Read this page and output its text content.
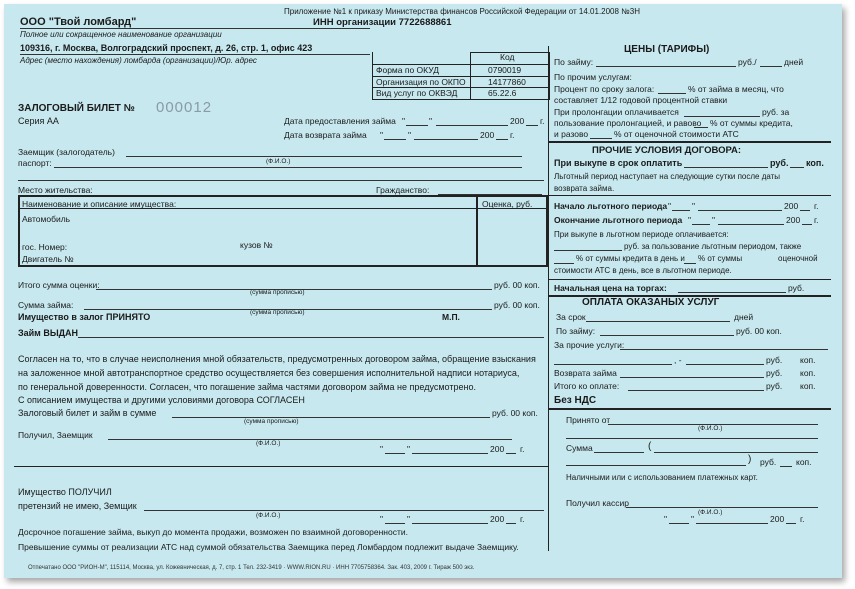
Приложение №1 к приказу Министерства финансов Российской Федерации от 14.01.2008 №3Н
ИНН организации 7722688861
ООО "Твой ломбард"
Полное или сокращенное наименование организации
109316, г. Москва, Волгоградский проспект, д. 26, стр. 1, офис 423
Адрес (место нахождения) ломбарда (организации)/Юр. адрес	Код
Форма по ОКУД	0790019
Организация по ОКПО	14177860
Вид услуг по ОКВЭД	65.22.6
ЗАЛОГОВЫЙ БИЛЕТ № 000012
Серия АА	Дата предоставления займа "	"	200 г.
Дата возврата займа "	"	200 г.
Заемщик (залогодатель)
паспорт:	(Ф.И.О.)
Место жительства:	Гражданство:
Наименование и описание имущества:	Оценка, руб.
Автомобиль
гос. Номер:	кузов №
Двигатель №
Итого сумма оценки:	руб. 00 коп.
(сумма прописью)
Сумма займа:	руб. 00 коп.
(сумма прописью)
Имущество в залог ПРИНЯТО	М.П.
Займ ВЫДАН
Согласен на то, что в случае неисполнения мной обязательств, предусмотренных договором займа, обращение взыскания
на заложенное мной автотранспортное средство осуществляется без совершения исполнительной надписи нотариуса,
по генеральной доверенности. Согласен, что погашение займа частями договором займа не предусмотрено.
С описанием имущества и другими условиями договора СОГЛАСЕН
Залоговый билет и займ в сумме	руб. 00 коп.
(сумма прописью)
Получил, Заемщик
(Ф.И.О.)
"	"	200 г.
Имущество ПОЛУЧИЛ
претензий не имею, Земщик
(Ф.И.О.)	"	"	200 г.
Досрочное погашение займа, выкуп до момента продажи, возможен по взаимной договоренности.
Превышение суммы от реализации АТС над суммой обязательства Заемщика перед Ломбардом подлежит выдаче Заемщику.
Отпечатано ООО "РИОН-М", 115114, Москва, ул. Кожевническая, д. 7, стр. 1 Тел. 232-3419 · WWW.RION.RU · ИНН 7705758364. Зак. 403, 2009 г. Тираж 500 экз.
ЦЕНЫ (ТАРИФЫ)
По займу:	руб./	дней
По прочим услугам:
Процент по сроку залога:	% от займа в месяц, что
составляет 1/12 годовой процентной ставки
При пролонгации оплачивается	руб. за
пользование пролонгацией, и равово % от суммы кредита,
и разово	% от оценочной стоимости АТС
ПРОЧИЕ УСЛОВИЯ ДОГОВОРА:
При выкупе в срок оплатить	руб. коп.
Льготный период наступает на следующие сутки после даты
возврата займа.
Начало льготного периода " "	200 г.
Окончание льготного периода " "	200 г.
При выкупе в льготном периоде оплачивается:
руб. за пользование льготным периодом, также
% от суммы кредита в день и % от суммы	оценочной
стоимости АТС в день, все в льготном периоде.
Начальная цена на торгах:	руб.
ОПЛАТА ОКАЗАНЫХ УСЛУГ
За срок	дней
По займу:	руб. 00 коп.
За прочие услуги:
, -	руб. коп.
Возврата займа	руб. коп.
Итого ко оплате:	руб. коп.
Без НДС
Принято от
(Ф.И.О.)
Сумма	(
) руб. коп.
Наличными или с использованием платежных карт.
Получил кассир
(Ф.И.О.)
"	"	200 г.
